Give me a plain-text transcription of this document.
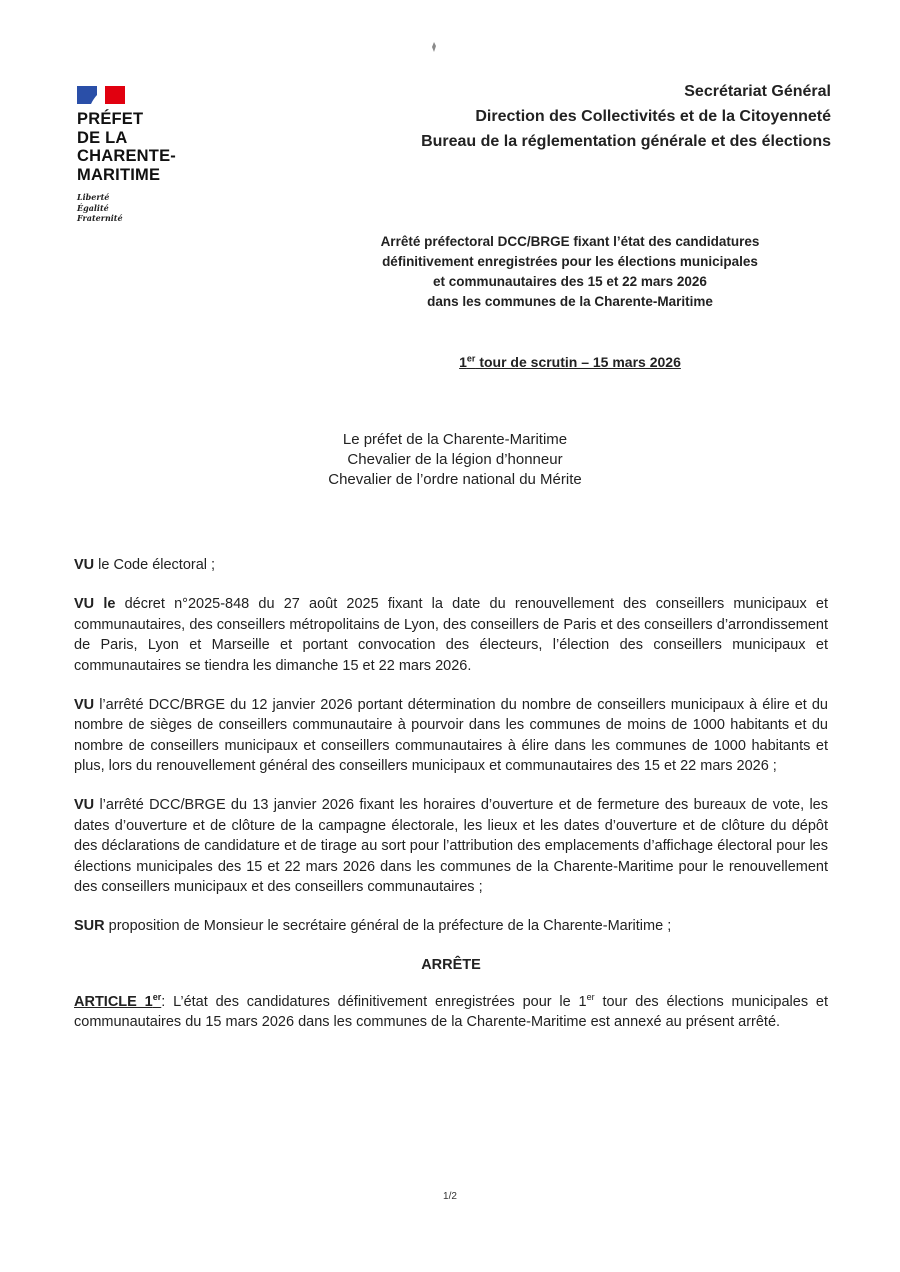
PRÉFET
DE LA
CHARENTE-
MARITIME
Liberté
Égalité
Fraternité
Secrétariat Général
Direction des Collectivités et de la Citoyenneté
Bureau de la réglementation générale et des élections
Arrêté préfectoral DCC/BRGE fixant l’état des candidatures
définitivement enregistrées pour les élections municipales
et communautaires des 15 et 22 mars 2026
dans les communes de la Charente-Maritime
1er tour de scrutin – 15 mars 2026
Le préfet de la Charente-Maritime
Chevalier de la légion d’honneur
Chevalier de l’ordre national du Mérite

VU le Code électoral ;

VU le décret n°2025-848 du 27 août 2025 fixant la date du renouvellement des conseillers municipaux et communautaires, des conseillers métropolitains de Lyon, des conseillers de Paris et des conseillers d’arrondissement de Paris, Lyon et Marseille et portant convocation des électeurs, l’élection des conseillers municipaux et communautaires se tiendra les dimanche 15 et 22 mars 2026.

VU l’arrêté DCC/BRGE du 12 janvier 2026 portant détermination du nombre de conseillers municipaux à élire et du nombre de sièges de conseillers communautaire à pourvoir dans les communes de moins de 1000 habitants et du nombre de conseillers municipaux et conseillers communautaires à élire dans les communes de 1000 habitants et plus, lors du renouvellement général des conseillers municipaux et communautaires des 15 et 22 mars 2026 ;

VU l’arrêté DCC/BRGE du 13 janvier 2026 fixant les horaires d’ouverture et de fermeture des bureaux de vote, les dates d’ouverture et de clôture de la campagne électorale, les lieux et les dates d’ouverture et de clôture du dépôt des déclarations de candidature et de tirage au sort pour l’attribution des emplacements d’affichage électoral pour les élections municipales des 15 et 22 mars 2026 dans les communes de la Charente-Maritime pour le renouvellement des conseillers municipaux et des conseillers communautaires ;

SUR proposition de Monsieur le secrétaire général de la préfecture de la Charente-Maritime ;

ARRÊTE

ARTICLE 1er: L’état des candidatures définitivement enregistrées pour le 1er tour des élections municipales et communautaires du 15 mars 2026 dans les communes de la Charente-Maritime est annexé au présent arrêté.

1/2
